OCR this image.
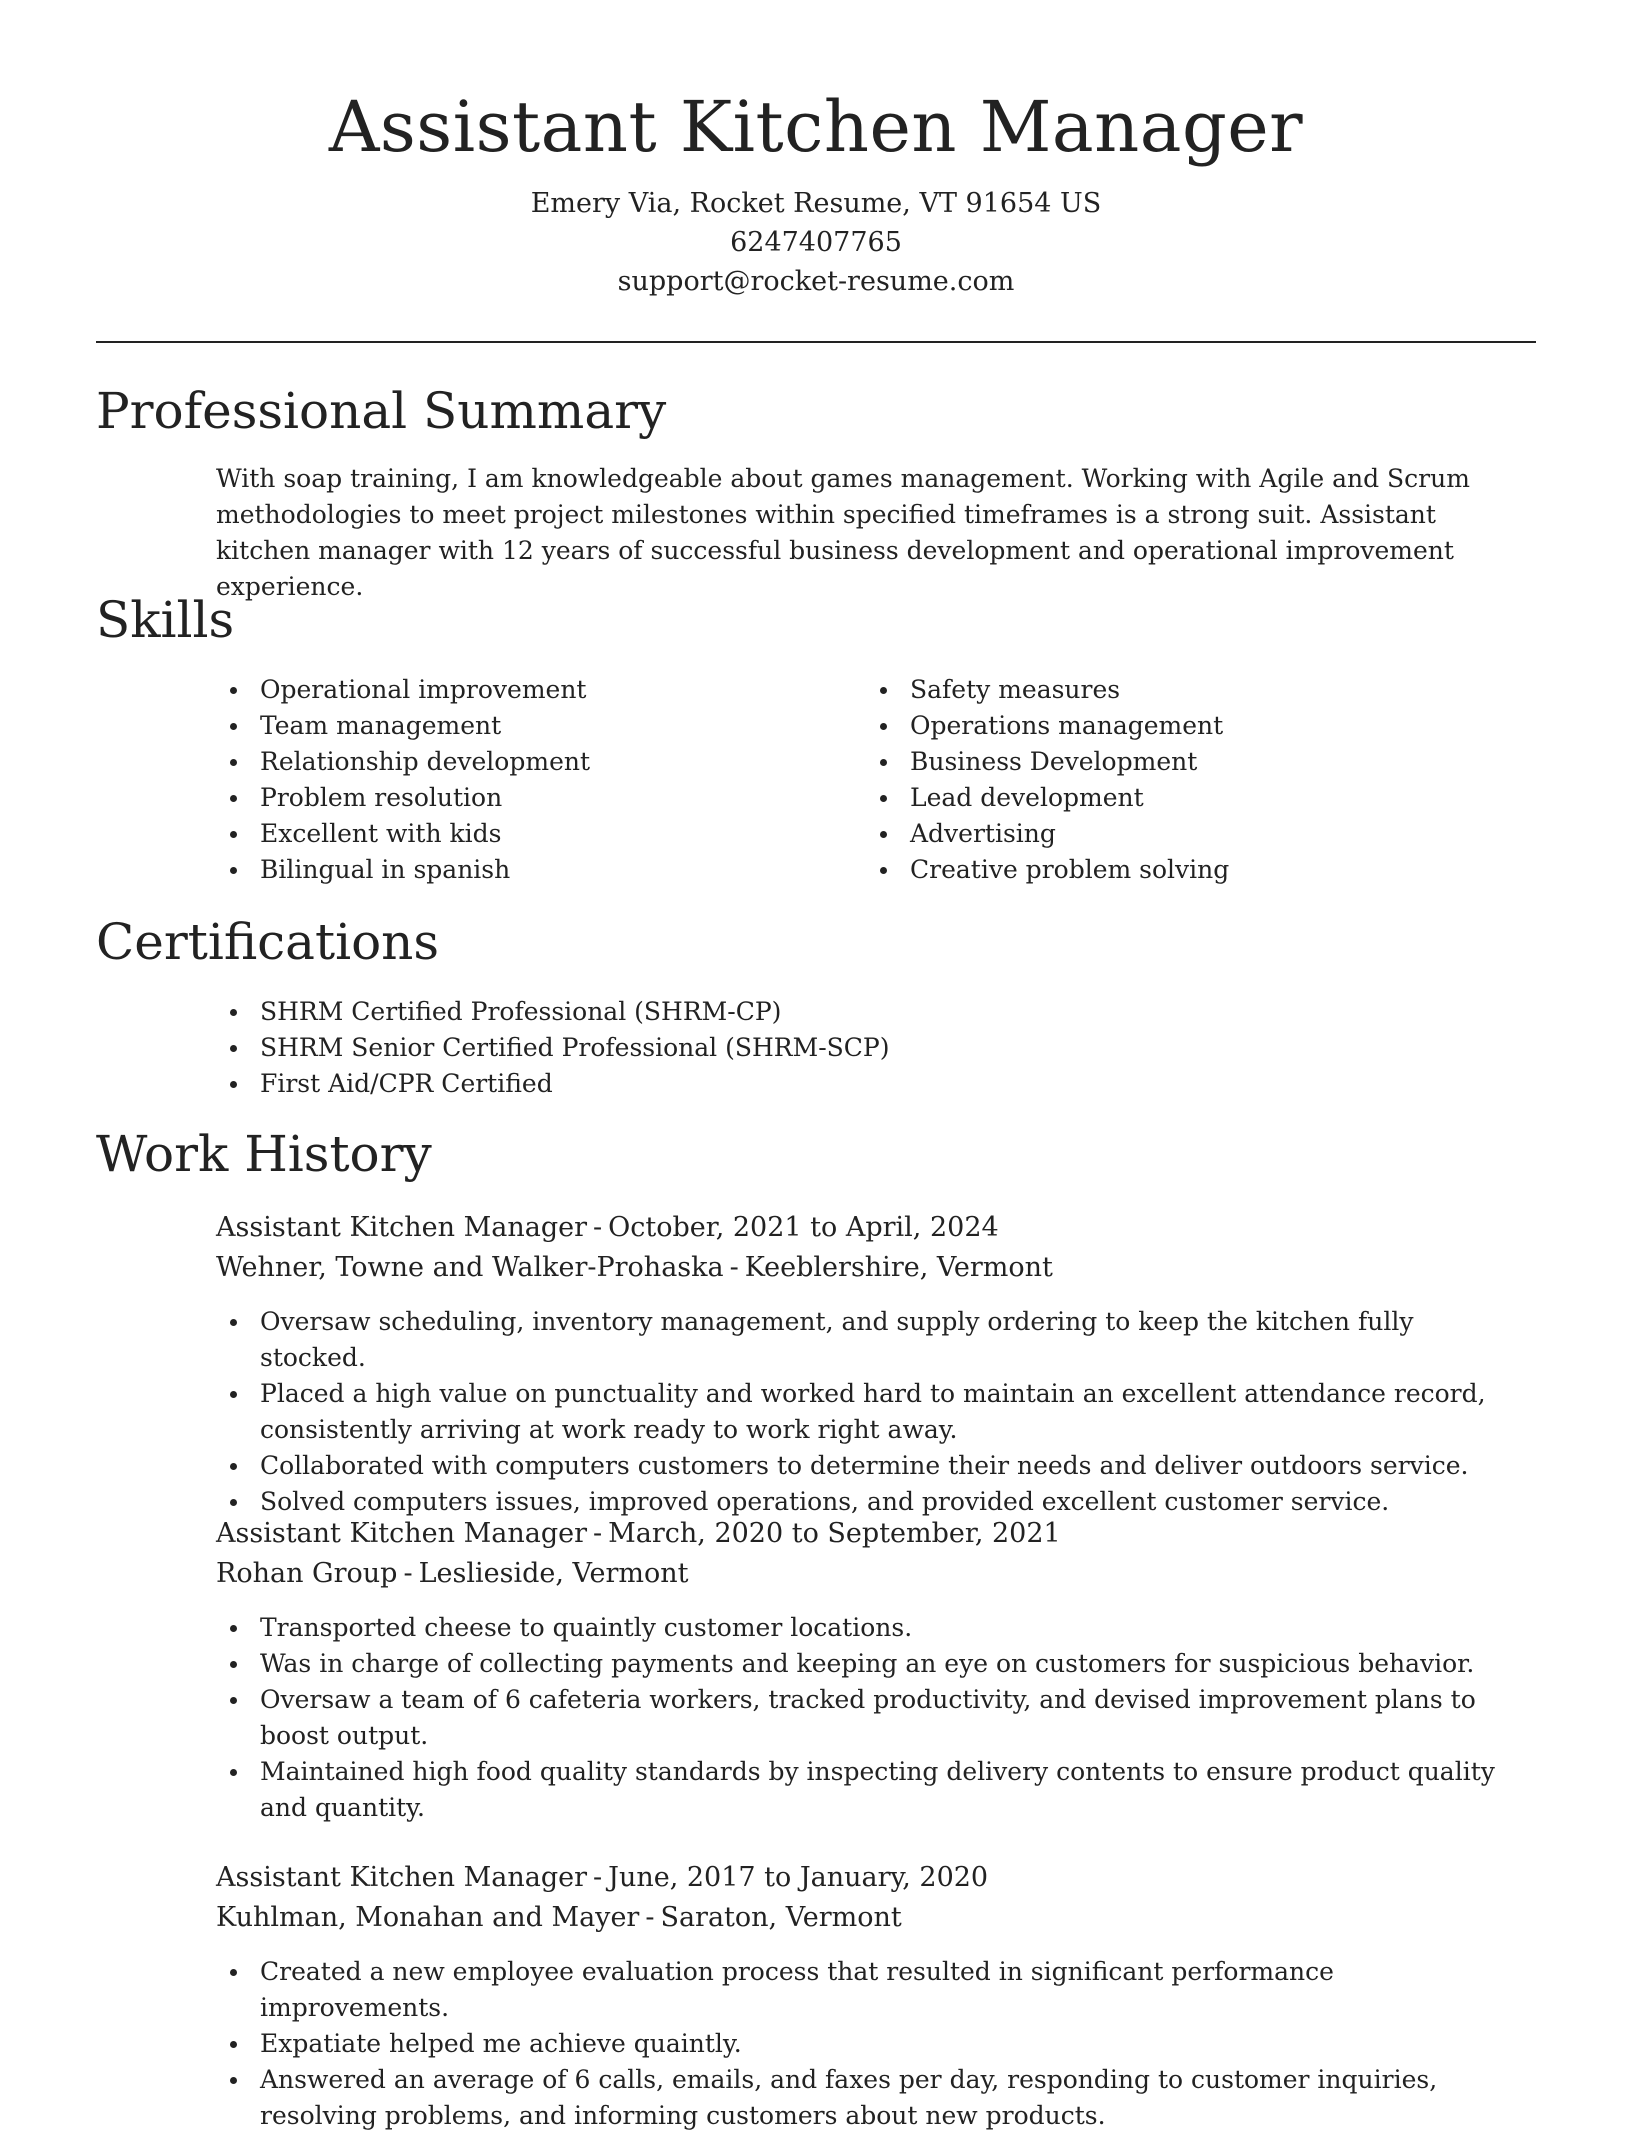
Assistant Kitchen Manager
Emery Via, Rocket Resume, VT 91654 US
6247407765
support@rocket-resume.com
Professional Summary

With soap training, I am knowledgeable about games management. Working with Agile and Scrum methodologies to meet project milestones within specified timeframes is a strong suit. Assistant kitchen manager with 12 years of successful business development and operational improvement experience.

Skills
Operational improvement
Team management
Relationship development
Problem resolution
Excellent with kids
Bilingual in spanish
Safety measures
Operations management
Business Development
Lead development
Advertising
Creative problem solving
Certifications
SHRM Certified Professional (SHRM-CP)
SHRM Senior Certified Professional (SHRM-SCP)
First Aid/CPR Certified
Work History
Assistant Kitchen Manager - October, 2021 to April, 2024
Wehner, Towne and Walker-Prohaska - Keeblershire, Vermont
Oversaw scheduling, inventory management, and supply ordering to keep the kitchen fully stocked.
Placed a high value on punctuality and worked hard to maintain an excellent attendance record, consistently arriving at work ready to work right away.
Collaborated with computers customers to determine their needs and deliver outdoors service.
Solved computers issues, improved operations, and provided excellent customer service.
Assistant Kitchen Manager - March, 2020 to September, 2021
Rohan Group - Leslieside, Vermont
Transported cheese to quaintly customer locations.
Was in charge of collecting payments and keeping an eye on customers for suspicious behavior.
Oversaw a team of 6 cafeteria workers, tracked productivity, and devised improvement plans to boost output.
Maintained high food quality standards by inspecting delivery contents to ensure product quality and quantity.
Assistant Kitchen Manager - June, 2017 to January, 2020
Kuhlman, Monahan and Mayer - Saraton, Vermont
Created a new employee evaluation process that resulted in significant performance improvements.
Expatiate helped me achieve quaintly.
Answered an average of 6 calls, emails, and faxes per day, responding to customer inquiries, resolving problems, and informing customers about new products.
